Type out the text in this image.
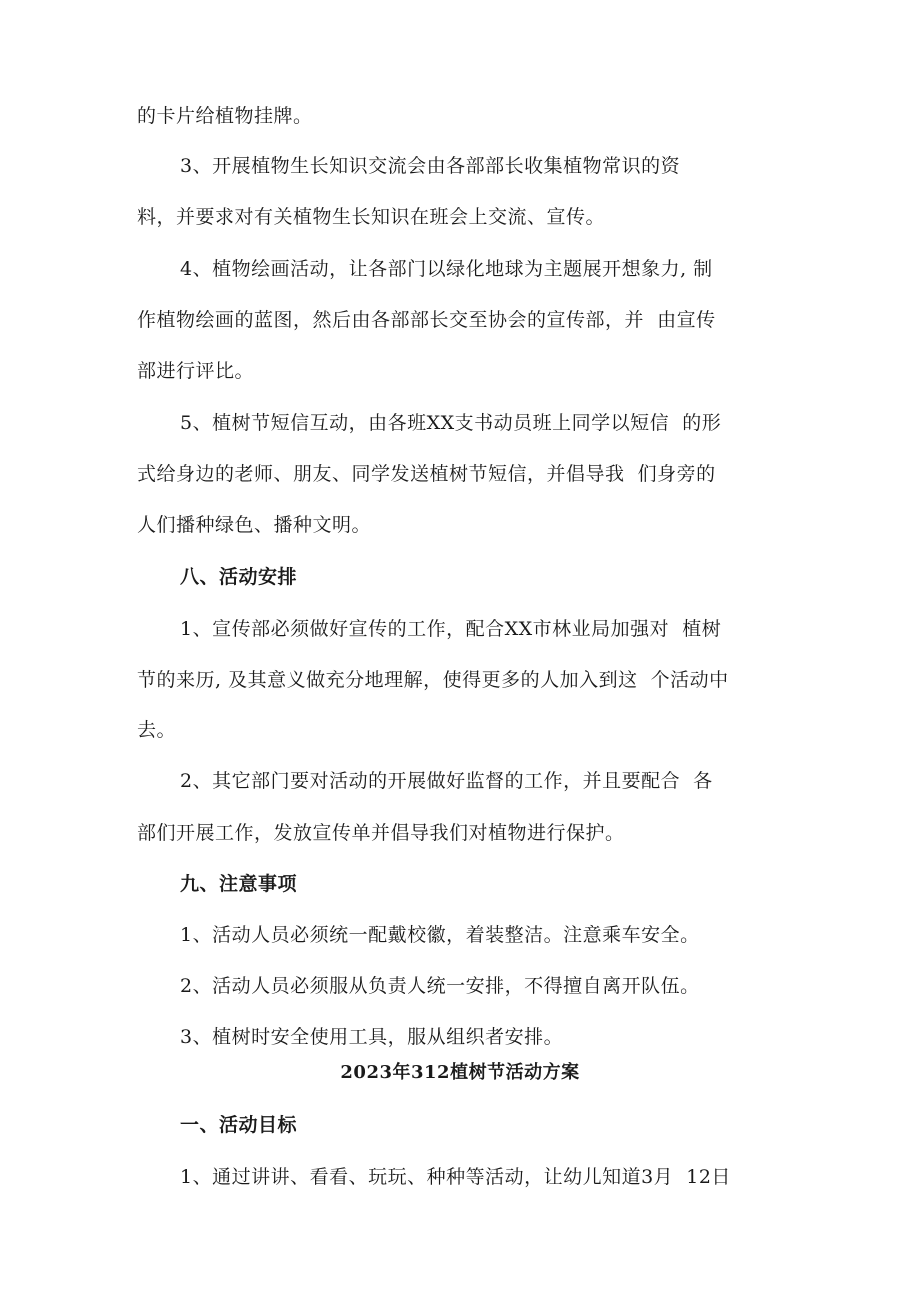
的卡片给植物挂牌。
3、开展植物生长知识交流会由各部部长收集植物常识的资
料，并要求对有关植物生长知识在班会上交流、宣传。
4、植物绘画活动，让各部门以绿化地球为主题展开想象力, 制
作植物绘画的蓝图，然后由各部部长交至协会的宣传部，并  由宣传
部进行评比。
5、植树节短信互动，由各班XX支书动员班上同学以短信  的形
式给身边的老师、朋友、同学发送植树节短信，并倡导我  们身旁的
人们播种绿色、播种文明。
八、活动安排
1、宣传部必须做好宣传的工作，配合XX市林业局加强对  植树
节的来历, 及其意义做充分地理解，使得更多的人加入到这  个活动中
去。
2、其它部门要对活动的开展做好监督的工作，并且要配合  各
部们开展工作，发放宣传单并倡导我们对植物进行保护。
九、注意事项
1、活动人员必须统一配戴校徽，着装整洁。注意乘车安全。
2、活动人员必须服从负责人统一安排，不得擅自离开队伍。
3、植树时安全使用工具，服从组织者安排。
2023年312植树节活动方案
一、活动目标
1、通过讲讲、看看、玩玩、种种等活动，让幼儿知道3月  12日
